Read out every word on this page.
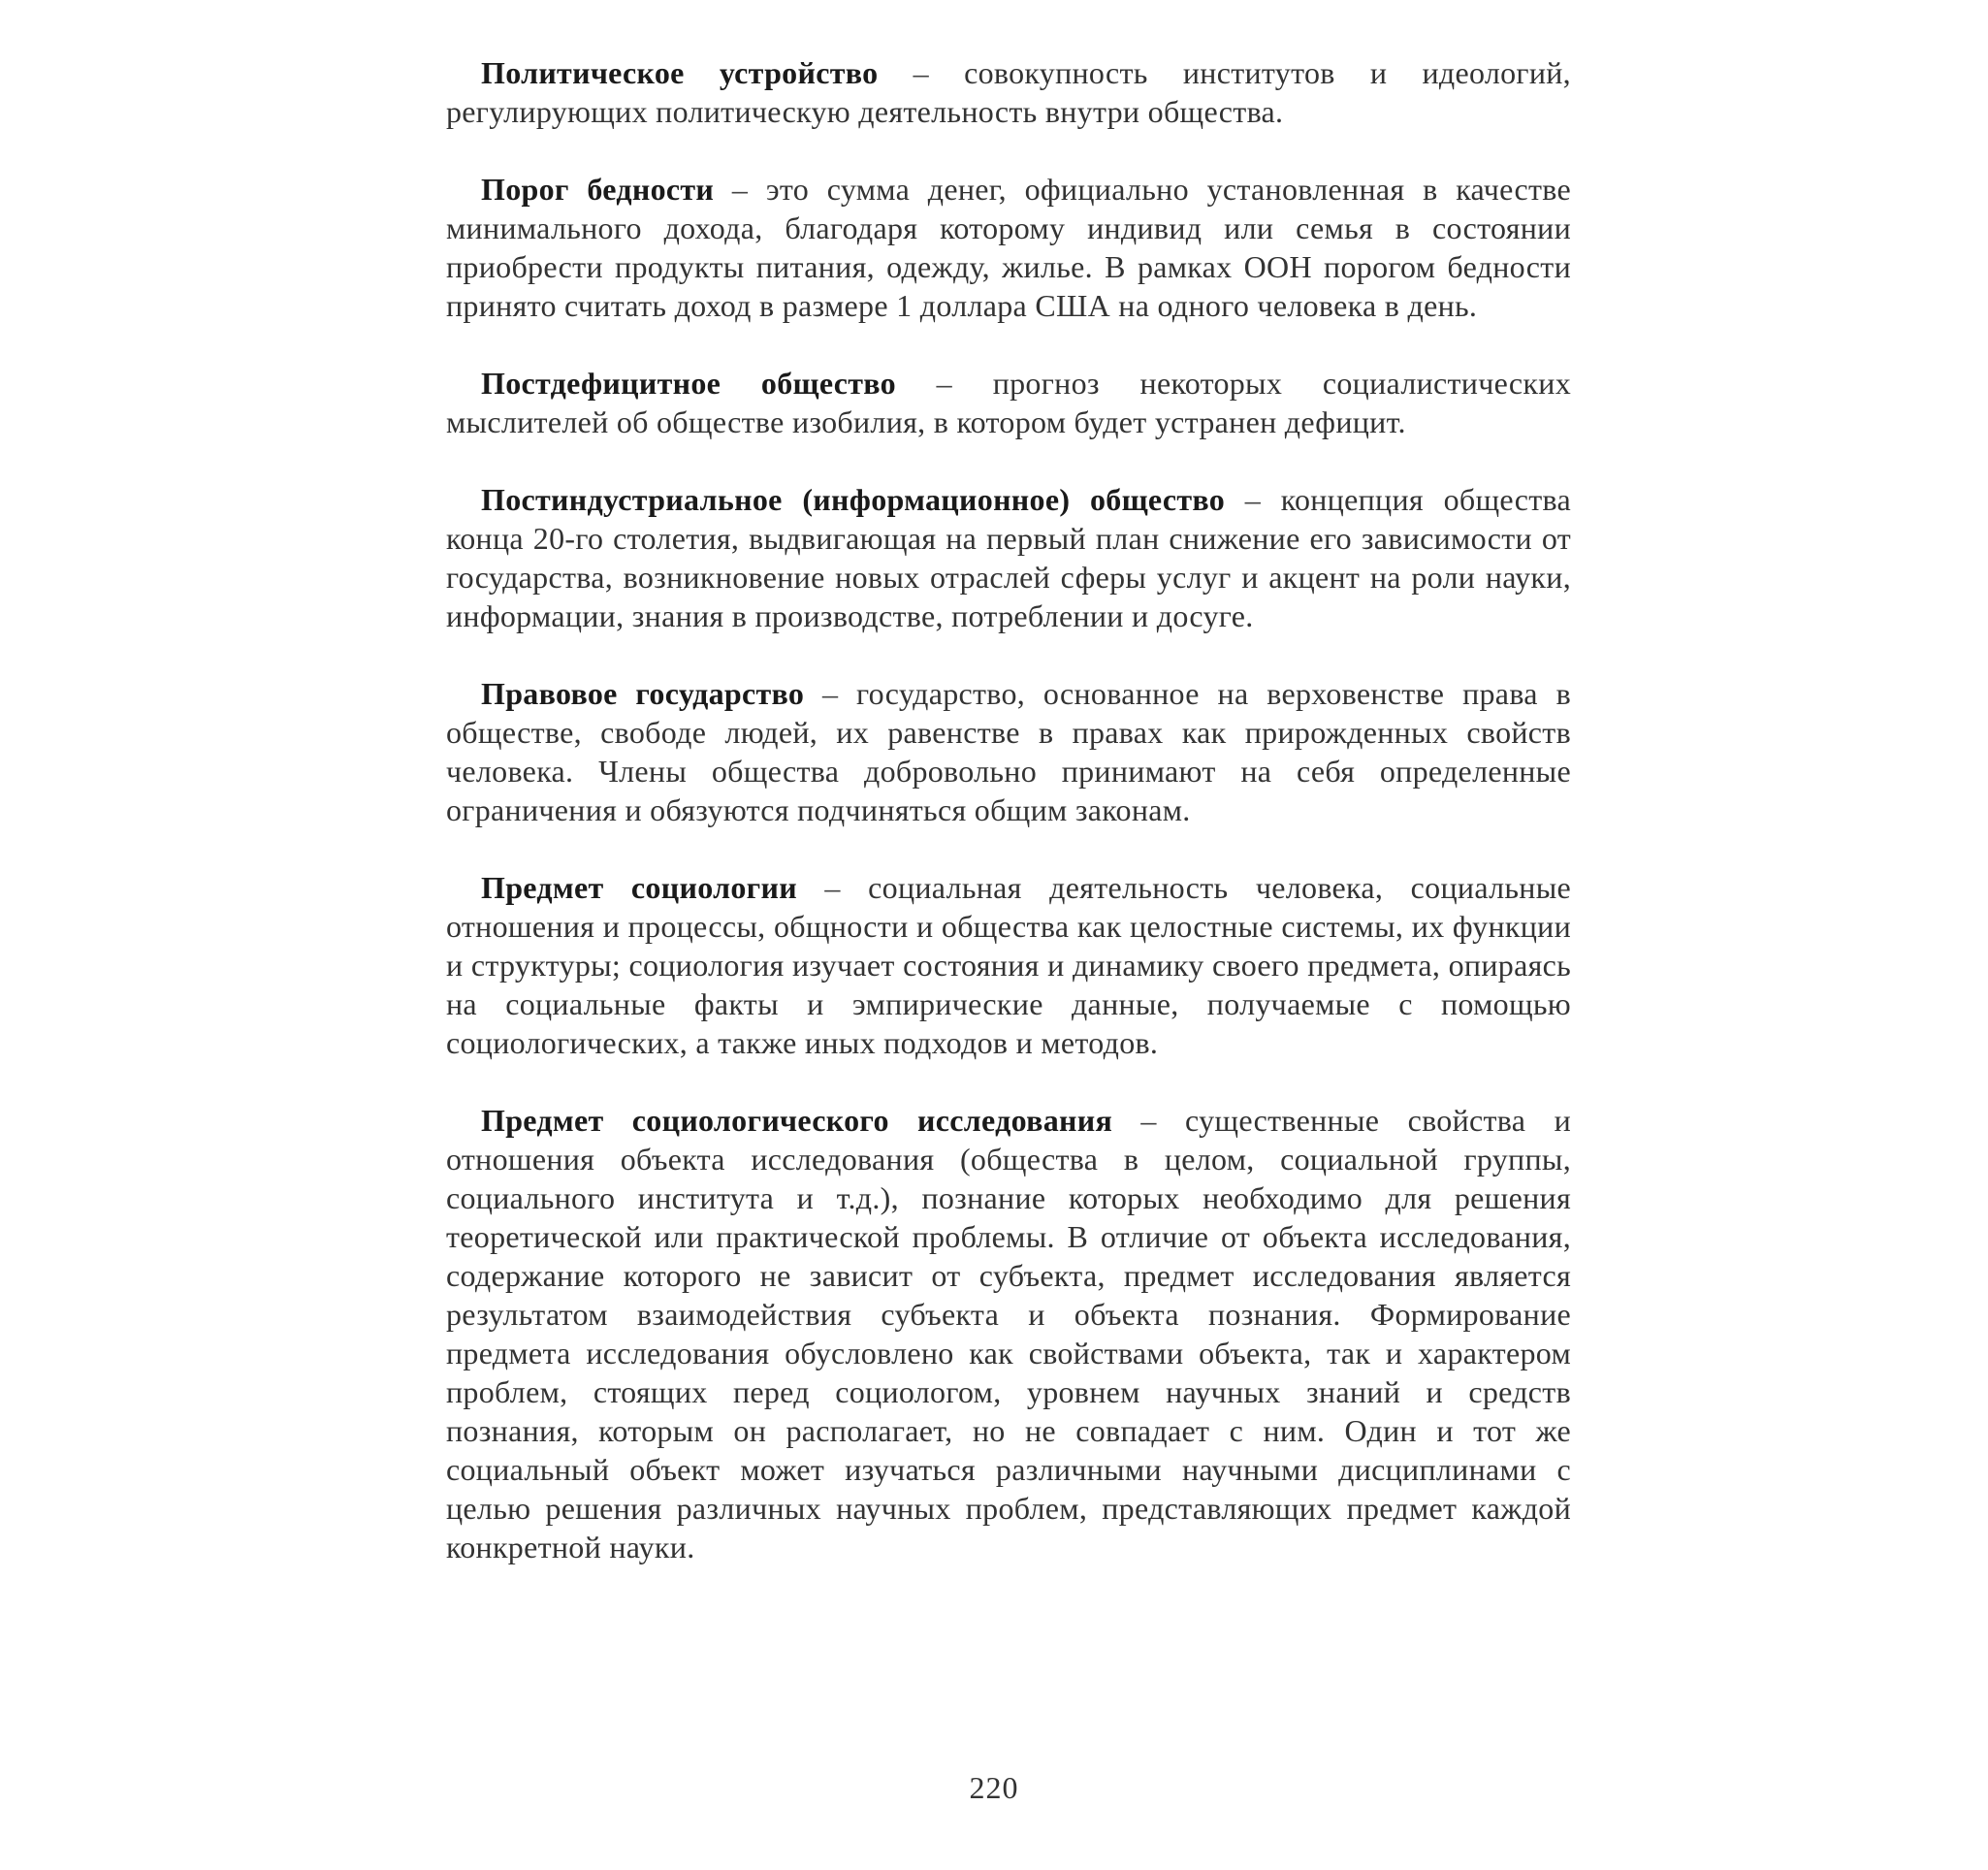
Политическое устройство – совокупность институтов и идеологий, регулирующих политическую деятельность внутри общества.

Порог бедности – это сумма денег, официально установленная в качестве минимального дохода, благодаря которому индивид или семья в состоянии приобрести продукты питания, одежду, жилье. В рамках ООН порогом бедности принято считать доход в размере 1 доллара США на одного человека в день.

Постдефицитное общество – прогноз некоторых социалистических мыслителей об обществе изобилия, в котором будет устранен дефицит.

Постиндустриальное (информационное) общество – концепция общества конца 20-го столетия, выдвигающая на первый план снижение его зависимости от государства, возникновение новых отраслей сферы услуг и акцент на роли науки, информации, знания в производстве, потреблении и досуге.

Правовое государство – государство, основанное на верховенстве права в обществе, свободе людей, их равенстве в правах как прирожденных свойств человека. Члены общества добровольно принимают на себя определенные ограничения и обязуются подчиняться общим законам.

Предмет социологии – социальная деятельность человека, социальные отношения и процессы, общности и общества как целостные системы, их функции и структуры; социология изучает состояния и динамику своего предмета, опираясь на социальные факты и эмпирические данные, получаемые с помощью социологических, а также иных подходов и методов.

Предмет социологического исследования – существенные свойства и отношения объекта исследования (общества в целом, социальной группы, социального института и т.д.), познание которых необходимо для решения теоретической или практической проблемы. В отличие от объекта исследования, содержание которого не зависит от субъекта, предмет исследования является результатом взаимодействия субъекта и объекта познания. Формирование предмета исследования обусловлено как свойствами объекта, так и характером проблем, стоящих перед социологом, уровнем научных знаний и средств познания, которым он располагает, но не совпадает с ним. Один и тот же социальный объект может изучаться различными научными дисциплинами с целью решения различных научных проблем, представляющих предмет каждой конкретной науки.

220
